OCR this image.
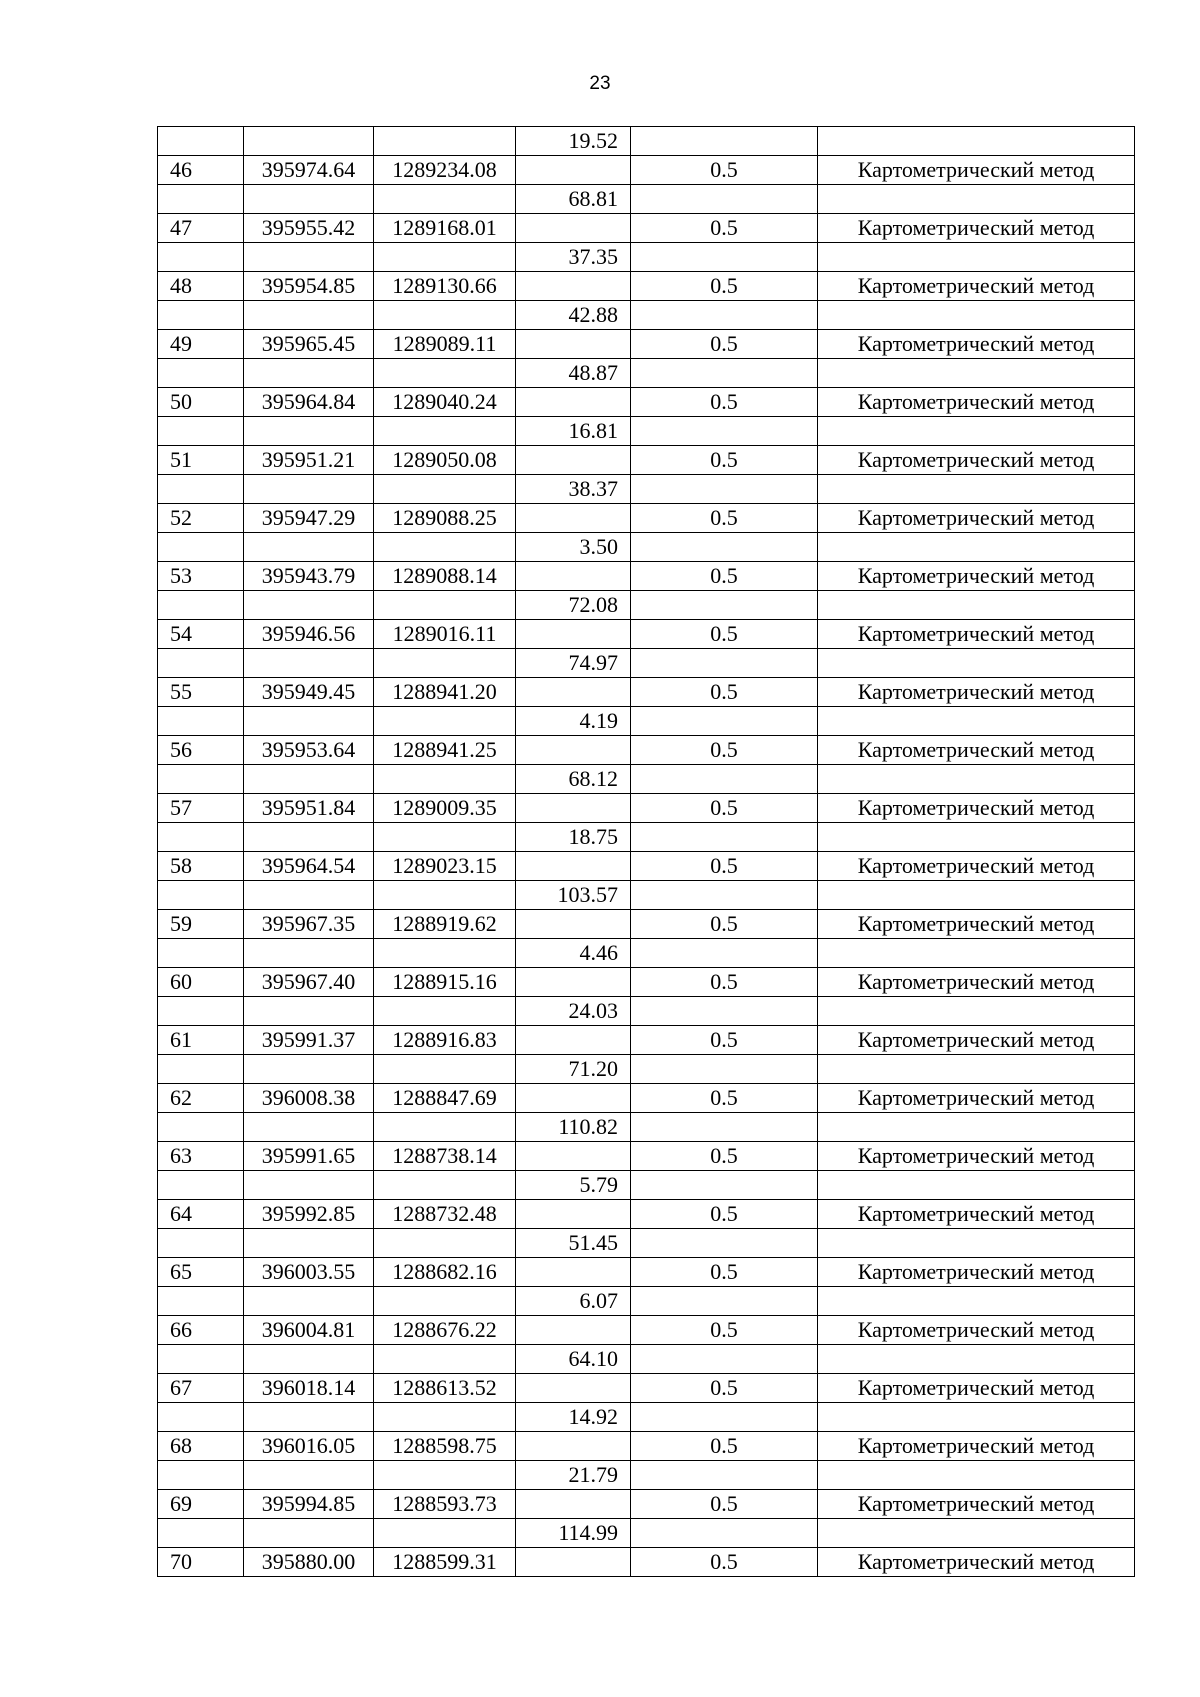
23
			19.52		
46	395974.64	1289234.08		0.5	Картометрический метод
			68.81		
47	395955.42	1289168.01		0.5	Картометрический метод
			37.35		
48	395954.85	1289130.66		0.5	Картометрический метод
			42.88		
49	395965.45	1289089.11		0.5	Картометрический метод
			48.87		
50	395964.84	1289040.24		0.5	Картометрический метод
			16.81		
51	395951.21	1289050.08		0.5	Картометрический метод
			38.37		
52	395947.29	1289088.25		0.5	Картометрический метод
			3.50		
53	395943.79	1289088.14		0.5	Картометрический метод
			72.08		
54	395946.56	1289016.11		0.5	Картометрический метод
			74.97		
55	395949.45	1288941.20		0.5	Картометрический метод
			4.19		
56	395953.64	1288941.25		0.5	Картометрический метод
			68.12		
57	395951.84	1289009.35		0.5	Картометрический метод
			18.75		
58	395964.54	1289023.15		0.5	Картометрический метод
			103.57		
59	395967.35	1288919.62		0.5	Картометрический метод
			4.46		
60	395967.40	1288915.16		0.5	Картометрический метод
			24.03		
61	395991.37	1288916.83		0.5	Картометрический метод
			71.20		
62	396008.38	1288847.69		0.5	Картометрический метод
			110.82		
63	395991.65	1288738.14		0.5	Картометрический метод
			5.79		
64	395992.85	1288732.48		0.5	Картометрический метод
			51.45		
65	396003.55	1288682.16		0.5	Картометрический метод
			6.07		
66	396004.81	1288676.22		0.5	Картометрический метод
			64.10		
67	396018.14	1288613.52		0.5	Картометрический метод
			14.92		
68	396016.05	1288598.75		0.5	Картометрический метод
			21.79		
69	395994.85	1288593.73		0.5	Картометрический метод
			114.99		
70	395880.00	1288599.31		0.5	Картометрический метод
